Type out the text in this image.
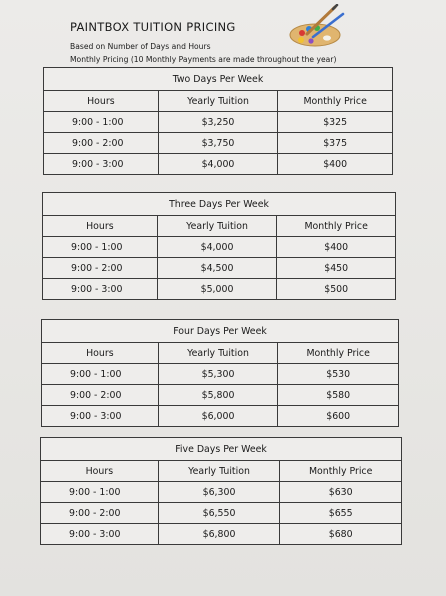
PAINTBOX TUITION PRICING
Based on Number of Days and Hours
Monthly Pricing (10 Monthly Payments are made throughout the year)
Two Days Per Week		
Hours	Yearly Tuition	Monthly Price
9:00 - 1:00	$3,250	$325
9:00 - 2:00	$3,750	$375
9:00 - 3:00	$4,000	$400
Three Days Per Week		
Hours	Yearly Tuition	Monthly Price
9:00 - 1:00	$4,000	$400
9:00 - 2:00	$4,500	$450
9:00 - 3:00	$5,000	$500
Four Days Per Week		
Hours	Yearly Tuition	Monthly Price
9:00 - 1:00	$5,300	$530
9:00 - 2:00	$5,800	$580
9:00 - 3:00	$6,000	$600
Five Days Per Week		
Hours	Yearly Tuition	Monthly Price
9:00 - 1:00	$6,300	$630
9:00 - 2:00	$6,550	$655
9:00 - 3:00	$6,800	$680
